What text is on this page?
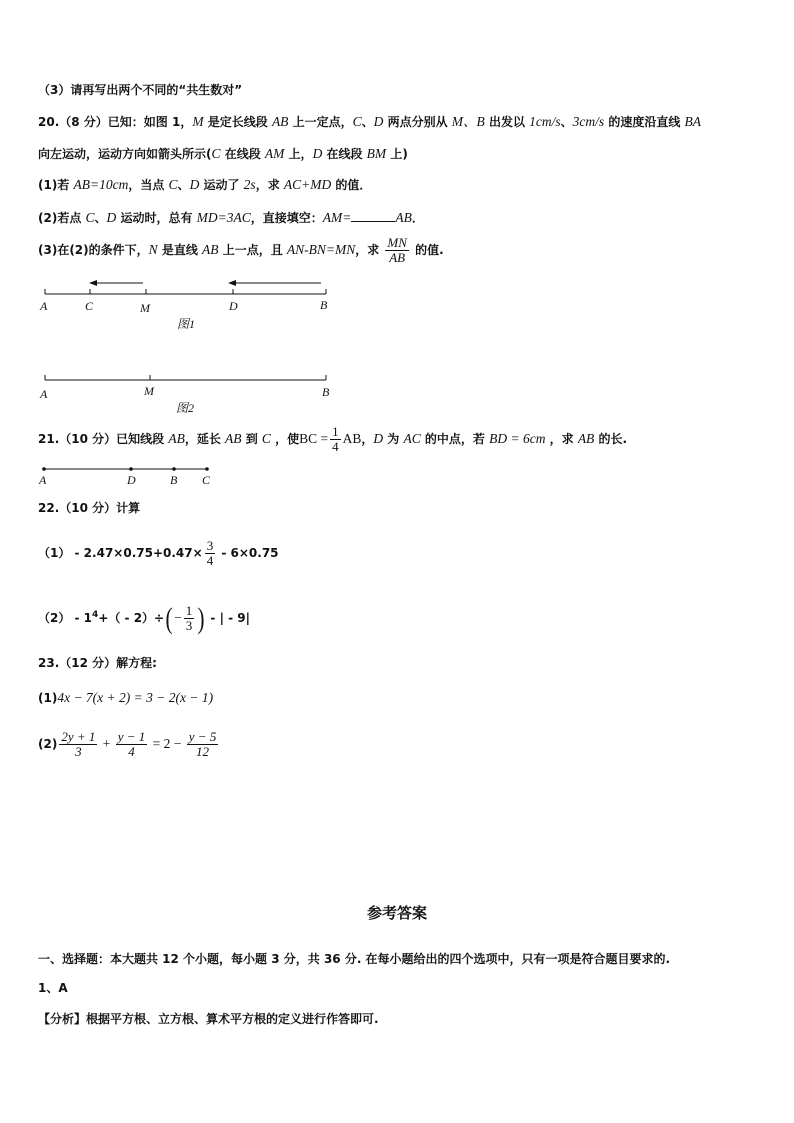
（3）请再写出两个不同的“共生数对”
20.（8 分）已知：如图 1，M 是定长线段 AB 上一定点，C、D 两点分别从 M、B 出发以 1cm/s、3cm/s 的速度沿直线 BA
向左运动，运动方向如箭头所示(C 在线段 AM 上，D 在线段 BM 上)
(1)若 AB=10cm，当点 C、D 运动了 2s，求 AC+MD 的值．
(2)若点 C、D 运动时，总有 MD=3AC，直接填空：AM=	AB．
(3)在(2)的条件下，N 是直线 AB 上一点，且 AN-BN=MN，求 $\frac{MN}{AB}$ 的值.
A	C	M	D	B
图1
A	M	B
图2
A	D	B C
21.（10 分）已知线段 AB，延长 AB 到 C ，使BC = $\frac{1}{4}$ AB，D 为 AC 的中点，若 BD = 6cm ，求 AB 的长.
22.（10 分）计算
$(1) - 2.47\times 0.75+0.47\times \frac{3}{4} - 6\times 0.75$
$(2) - 1^4+( - 2)\div( - \frac{1}{3}$ ) - | - 9|
23.（12 分）解方程:
(1)4x − 7(x + 2) = 3 − 2(x − 1)
$(2) \frac{2y + 1}{3} + \frac{y - 1}{4} = 2 - \frac{y - 5}{12}$
参考答案
一、选择题：本大题共 12 个小题，每小题 3 分，共 36 分. 在每小题给出的四个选项中，只有一项是符合题目要求的.
1、A
【分析】根据平方根、立方根、算术平方根的定义进行作答即可.
